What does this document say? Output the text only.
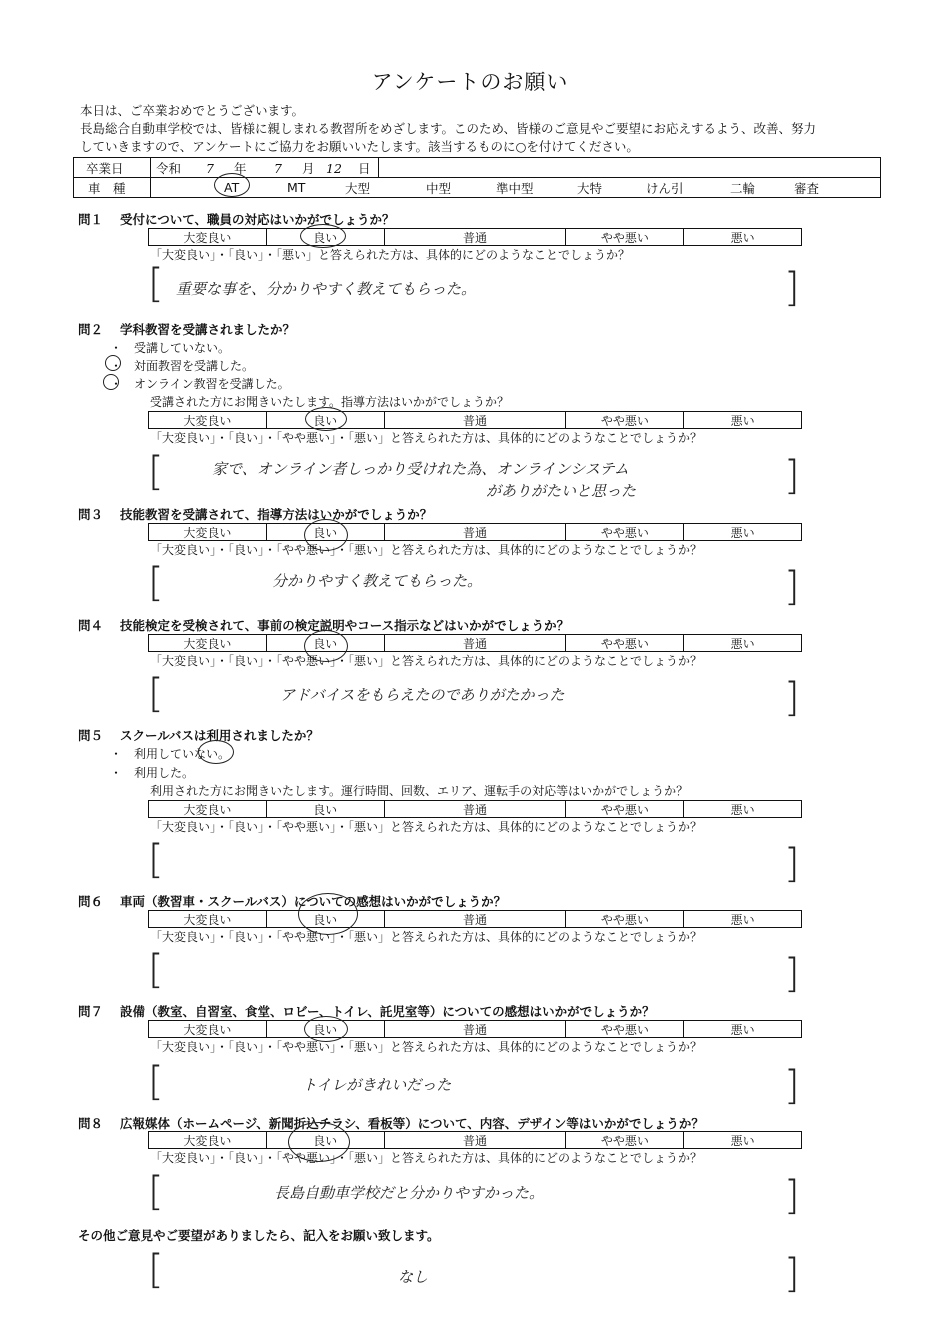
アンケートのお願い
本日は、ご卒業おめでとうございます。
長島総合自動車学校では、皆様に親しまれる教習所をめざします。このため、皆様のご意見やご要望にお応えするよう、改善、努力
していきますので、アンケートにご協力をお願いいたします。該当するものに○を付けてください。
卒業日	令和 7 年 7 月 12 日
車　種	AT	MT	大型	中型	準中型	大特	けん引	二輪	審査
問１ 受付について、職員の対応はいかがでしょうか？
大変良い	良い	普通	やや悪い	悪い
「大変良い」・「良い」・「悪い」と答えられた方は、具体的にどのようなことでしょうか？
[	]
重要な事を、分かりやすく教えてもらった。
問２ 学科教習を受講されましたか？
・　受講していない。
・　対面教習を受講した。
・　オンライン教習を受講した。
受講された方にお聞きいたします。指導方法はいかがでしょうか？
大変良い	良い	普通	やや悪い	悪い
「大変良い」・「良い」・「やや悪い」・「悪い」と答えられた方は、具体的にどのようなことでしょうか？
[	]
家で、オンライン者しっかり受けれた為、オンラインシステム
がありがたいと思った
問３ 技能教習を受講されて、指導方法はいかがでしょうか？
大変良い	良い	普通	やや悪い	悪い
「大変良い」・「良い」・「やや悪い」・「悪い」と答えられた方は、具体的にどのようなことでしょうか？
[	]
分かりやすく教えてもらった。
問４ 技能検定を受検されて、事前の検定説明やコース指示などはいかがでしょうか？
大変良い	良い	普通	やや悪い	悪い
「大変良い」・「良い」・「やや悪い」・「悪い」と答えられた方は、具体的にどのようなことでしょうか？
[	]
アドバイスをもらえたのでありがたかった
問５ スクールバスは利用されましたか？
・　利用していない。
・　利用した。
利用された方にお聞きいたします。運行時間、回数、エリア、運転手の対応等はいかがでしょうか？
大変良い	良い	普通	やや悪い	悪い
「大変良い」・「良い」・「やや悪い」・「悪い」と答えられた方は、具体的にどのようなことでしょうか？
[	]
問６ 車両（教習車・スクールバス）についての感想はいかがでしょうか？
大変良い	良い	普通	やや悪い	悪い
「大変良い」・「良い」・「やや悪い」・「悪い」と答えられた方は、具体的にどのようなことでしょうか？
[	]
問７ 設備（教室、自習室、食堂、ロビー、トイレ、託児室等）についての感想はいかがでしょうか？
大変良い	良い	普通	やや悪い	悪い
「大変良い」・「良い」・「やや悪い」・「悪い」と答えられた方は、具体的にどのようなことでしょうか？
[	]
トイレがきれいだった
問８ 広報媒体（ホームページ、新聞折込チラシ、看板等）について、内容、デザイン等はいかがでしょうか？
大変良い	良い	普通	やや悪い	悪い
「大変良い」・「良い」・「やや悪い」・「悪い」と答えられた方は、具体的にどのようなことでしょうか？
[	]
長島自動車学校だと分かりやすかった。
その他ご意見やご要望がありましたら、記入をお願い致します。
[	]
なし
